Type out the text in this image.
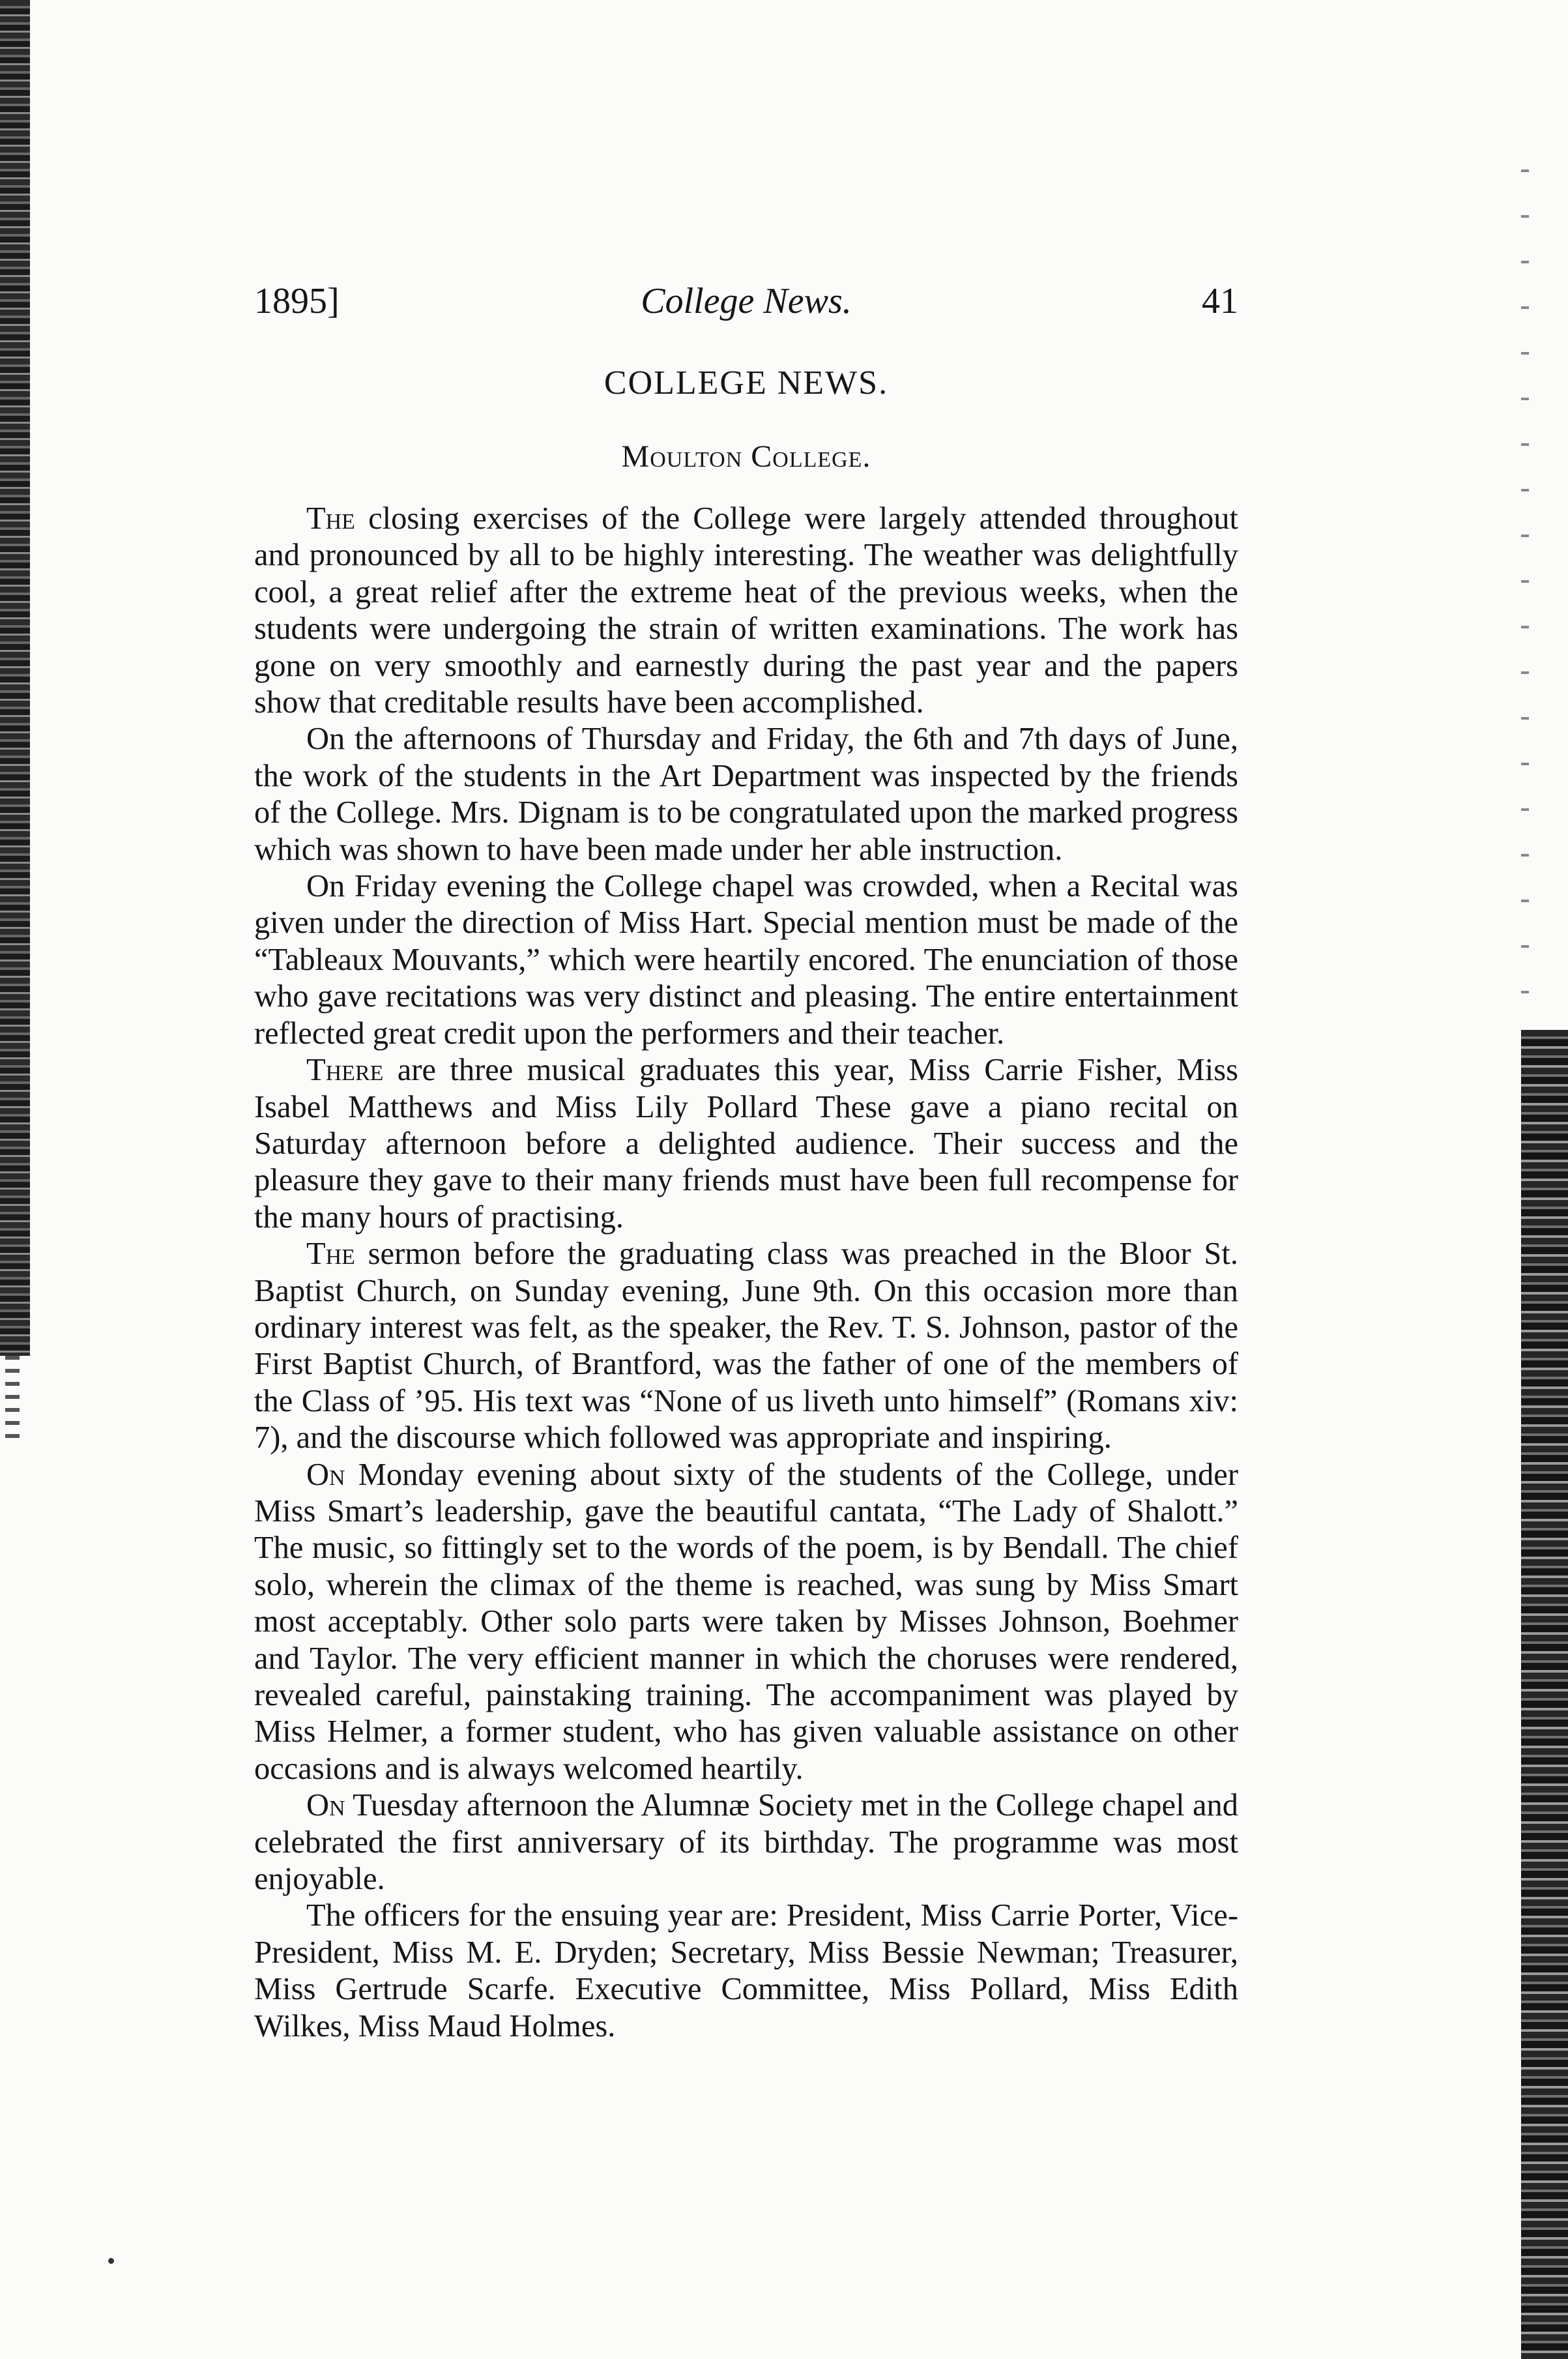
1895]	College News.	41
COLLEGE NEWS.
Moulton College.

The closing exercises of the College were largely attended throughout and pronounced by all to be highly interesting. The weather was delightfully cool, a great relief after the extreme heat of the previous weeks, when the students were undergoing the strain of written examinations. The work has gone on very smoothly and earnestly during the past year and the papers show that creditable results have been accomplished.

On the afternoons of Thursday and Friday, the 6th and 7th days of June, the work of the students in the Art Department was inspected by the friends of the College. Mrs. Dignam is to be congratulated upon the marked progress which was shown to have been made under her able instruction.

On Friday evening the College chapel was crowded, when a Recital was given under the direction of Miss Hart. Special mention must be made of the “Tableaux Mouvants,” which were heartily encored. The enunciation of those who gave recitations was very distinct and pleasing. The entire entertainment reflected great credit upon the performers and their teacher.

There are three musical graduates this year, Miss Carrie Fisher, Miss Isabel Matthews and Miss Lily Pollard These gave a piano recital on Saturday afternoon before a delighted audience. Their success and the pleasure they gave to their many friends must have been full recompense for the many hours of practising.

The sermon before the graduating class was preached in the Bloor St. Baptist Church, on Sunday evening, June 9th. On this occasion more than ordinary interest was felt, as the speaker, the Rev. T. S. Johnson, pastor of the First Baptist Church, of Brantford, was the father of one of the members of the Class of ’95. His text was “None of us liveth unto himself” (Romans xiv: 7), and the discourse which followed was appropriate and inspiring.

On Monday evening about sixty of the students of the College, under Miss Smart’s leadership, gave the beautiful cantata, “The Lady of Shalott.” The music, so fittingly set to the words of the poem, is by Bendall. The chief solo, wherein the climax of the theme is reached, was sung by Miss Smart most acceptably. Other solo parts were taken by Misses Johnson, Boehmer and Taylor. The very efficient manner in which the choruses were rendered, revealed careful, painstaking training. The accompaniment was played by Miss Helmer, a former student, who has given valuable assistance on other occasions and is always welcomed heartily.

On Tuesday afternoon the Alumnæ Society met in the College chapel and celebrated the first anniversary of its birthday. The programme was most enjoyable.

The officers for the ensuing year are: President, Miss Carrie Porter, Vice-President, Miss M. E. Dryden; Secretary, Miss Bessie Newman; Treasurer, Miss Gertrude Scarfe. Executive Committee, Miss Pollard, Miss Edith Wilkes, Miss Maud Holmes.
